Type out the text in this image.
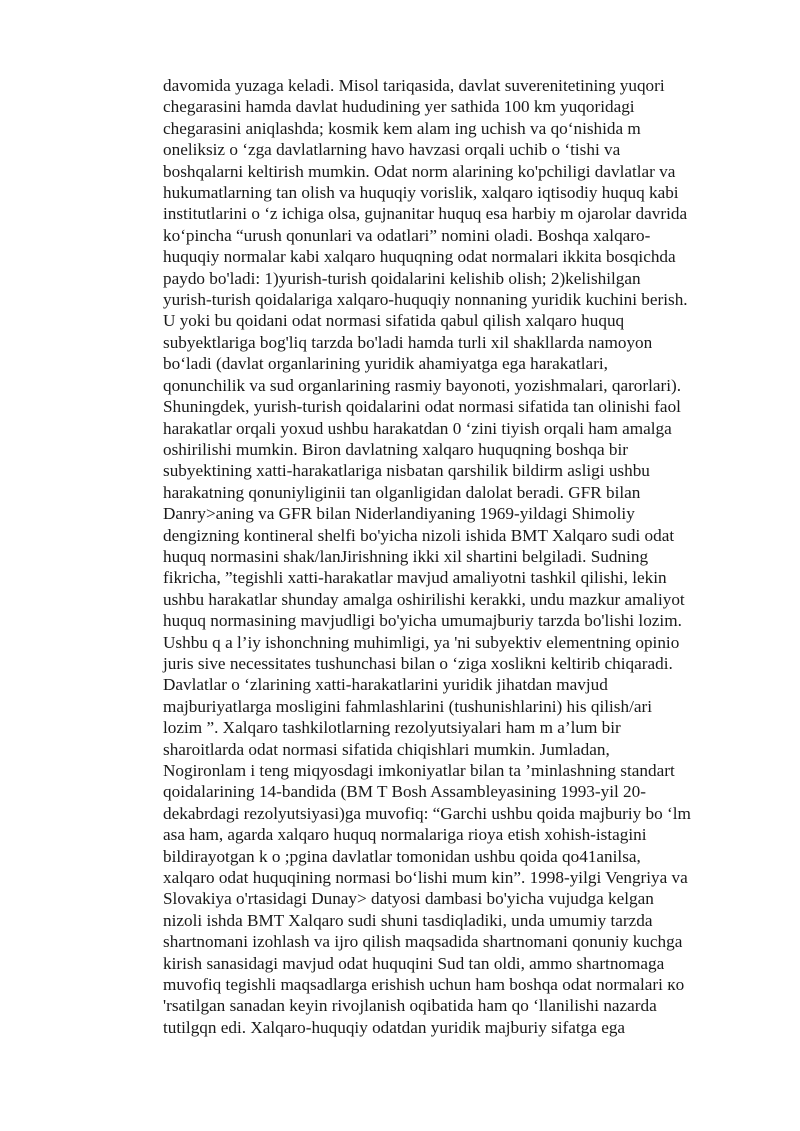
davomida yuzaga keladi. Misol tariqasida, davlat suverenitetining yuqori
chegarasini hamda davlat hududining yer sathida 100 km yuqoridagi
chegarasini aniqlashda; kosmik kem alam ing uchish va qo‘nishida m
oneliksiz o ‘zga davlatlarning havo havzasi orqali uchib o ‘tishi va
boshqalarni keltirish mumkin. Odat norm alarining ko'pchiligi davlatlar va
hukumatlarning tan olish va huquqiy vorislik, xalqaro iqtisodiy huquq kabi
institutlarini o ‘z ichiga olsa, gujnanitar huquq esa harbiy m ojarolar davrida
ko‘pincha “urush qonunlari va odatlari” nomini oladi. Boshqa xalqaro-
huquqiy normalar kabi xalqaro huquqning odat normalari ikkita bosqichda
paydo bo'ladi: 1)yurish-turish qoidalarini kelishib olish; 2)kelishilgan
yurish-turish qoidalariga xalqaro-huquqiy nonnaning yuridik kuchini berish.
U yoki bu qoidani odat normasi sifatida qabul qilish xalqaro huquq
subyektlariga bog'liq tarzda bo'ladi hamda turli xil shakllarda namoyon
bo‘ladi (davlat organlarining yuridik ahamiyatga ega harakatlari,
qonunchilik va sud organlarining rasmiy bayonoti, yozishmalari, qarorlari).
Shuningdek, yurish-turish qoidalarini odat normasi sifatida tan olinishi faol
harakatlar orqali yoxud ushbu harakatdan 0 ‘zini tiyish orqali ham amalga
oshirilishi mumkin. Biron davlatning xalqaro huquqning boshqa bir
subyektining xatti-harakatlariga nisbatan qarshilik bildirm asligi ushbu
harakatning qonuniyliginii tan olganligidan dalolat beradi. GFR bilan
Danry>aning va GFR bilan Niderlandiyaning 1969-yildagi Shimoliy
dengizning kontineral shelfi bo'yicha nizoli ishida BMT Xalqaro sudi odat
huquq normasini shak/lanJirishning ikki xil shartini belgiladi. Sudning
fikricha, ”tegishli xatti-harakatlar mavjud amaliyotni tashkil qilishi, lekin
ushbu harakatlar shunday amalga oshirilishi kerakki, undu mazkur amaliyot
huquq normasining mavjudligi bo'yicha umumajburiy tarzda bo'lishi lozim.
Ushbu q a l’iy ishonchning muhimligi, ya 'ni subyektiv elementning opinio
juris sive necessitates tushunchasi bilan o ‘ziga xoslikni keltirib chiqaradi.
Davlatlar o ‘zlarining xatti-harakatlarini yuridik jihatdan mavjud
majburiyatlarga mosligini fahmlashlarini (tushunishlarini) his qilish/ari
lozim ”. Xalqaro tashkilotlarning rezolyutsiyalari ham m a’lum bir
sharoitlarda odat normasi sifatida chiqishlari mumkin. Jumladan,
Nogironlam i teng miqyosdagi imkoniyatlar bilan ta ’minlashning standart
qoidalarining 14-bandida (BM T Bosh Assambleyasining 1993-yil 20-
dekabrdagi rezolyutsiyasi)ga muvofiq: “Garchi ushbu qoida majburiy bo ‘lm
asa ham, agarda xalqaro huquq normalariga rioya etish xohish-istagini
bildirayotgan k o ;pgina davlatlar tomonidan ushbu qoida qo41anilsa,
xalqaro odat huquqining normasi bo‘lishi mum kin”. 1998-yilgi Vengriya va
Slovakiya o'rtasidagi Dunay> datyosi dambasi bo'yicha vujudga kelgan
nizoli ishda BMT Xalqaro sudi shuni tasdiqladiki, unda umumiy tarzda
shartnomani izohlash va ijro qilish maqsadida shartnomani qonuniy kuchga
kirish sanasidagi mavjud odat huquqini Sud tan oldi, ammo shartnomaga
muvofiq tegishli maqsadlarga erishish uchun ham boshqa odat normalari кo
'rsatilgan sanadan keyin rivojlanish oqibatida ham qo ‘llanilishi nazarda
tutilgqn edi. Xalqaro-huquqiy odatdan yuridik majburiy sifatga ega
